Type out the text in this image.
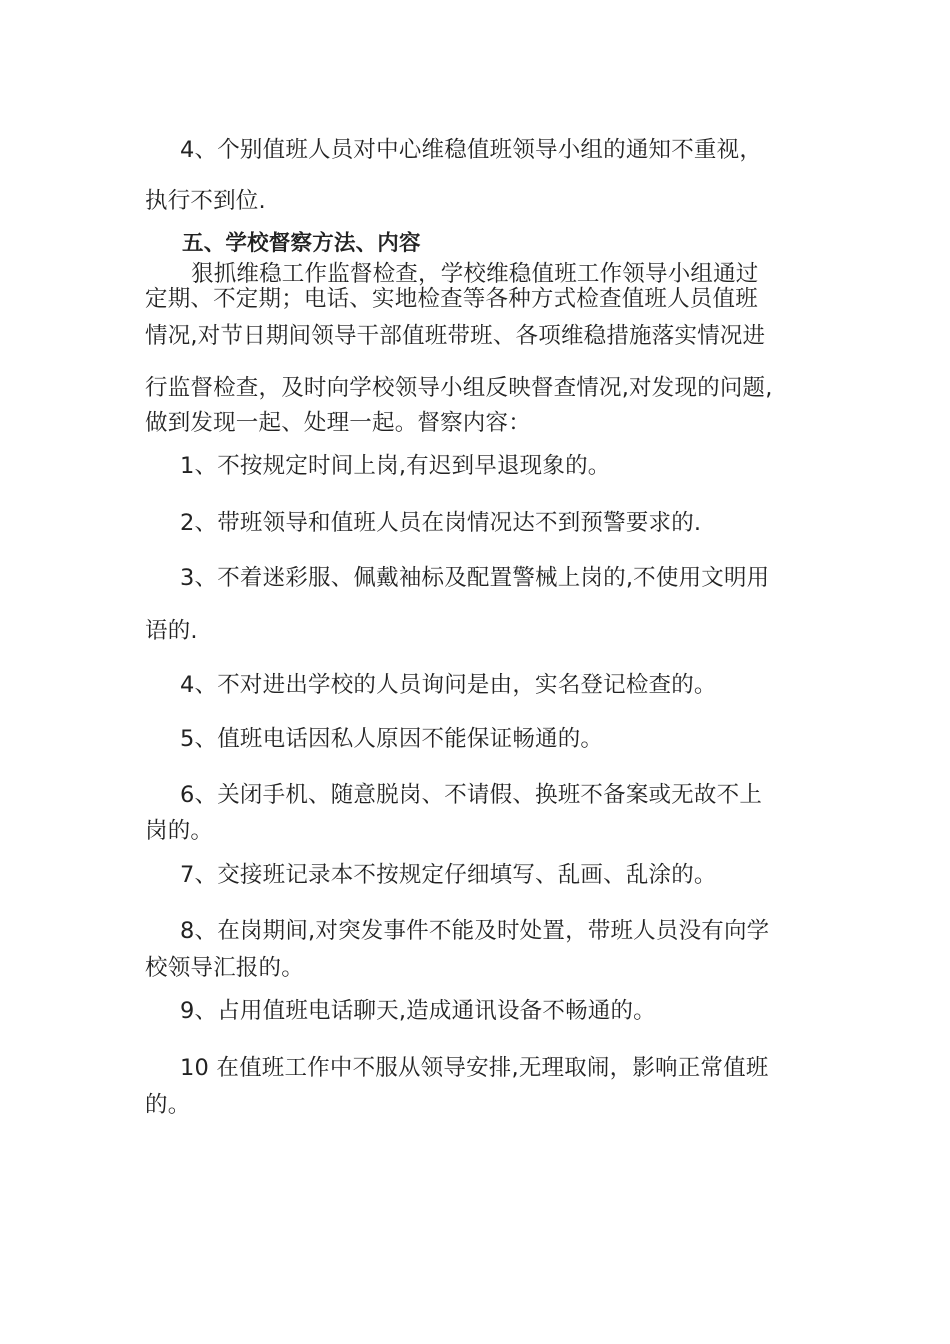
4、个别值班人员对中心维稳值班领导小组的通知不重视，
执行不到位.
五、学校督察方法、内容
狠抓维稳工作监督检查，学校维稳值班工作领导小组通过
定期、不定期；电话、实地检查等各种方式检查值班人员值班
情况,对节日期间领导干部值班带班、各项维稳措施落实情况进
行监督检查，及时向学校领导小组反映督查情况,对发现的问题,
做到发现一起、处理一起。督察内容：
1、不按规定时间上岗,有迟到早退现象的。
2、带班领导和值班人员在岗情况达不到预警要求的.
3、不着迷彩服、佩戴袖标及配置警械上岗的,不使用文明用
语的.
4、不对进出学校的人员询问是由，实名登记检查的。
5、值班电话因私人原因不能保证畅通的。
6、关闭手机、随意脱岗、不请假、换班不备案或无故不上
岗的。
7、交接班记录本不按规定仔细填写、乱画、乱涂的。
8、在岗期间,对突发事件不能及时处置，带班人员没有向学
校领导汇报的。
9、占用值班电话聊天,造成通讯设备不畅通的。
10 在值班工作中不服从领导安排,无理取闹，影响正常值班
的。
